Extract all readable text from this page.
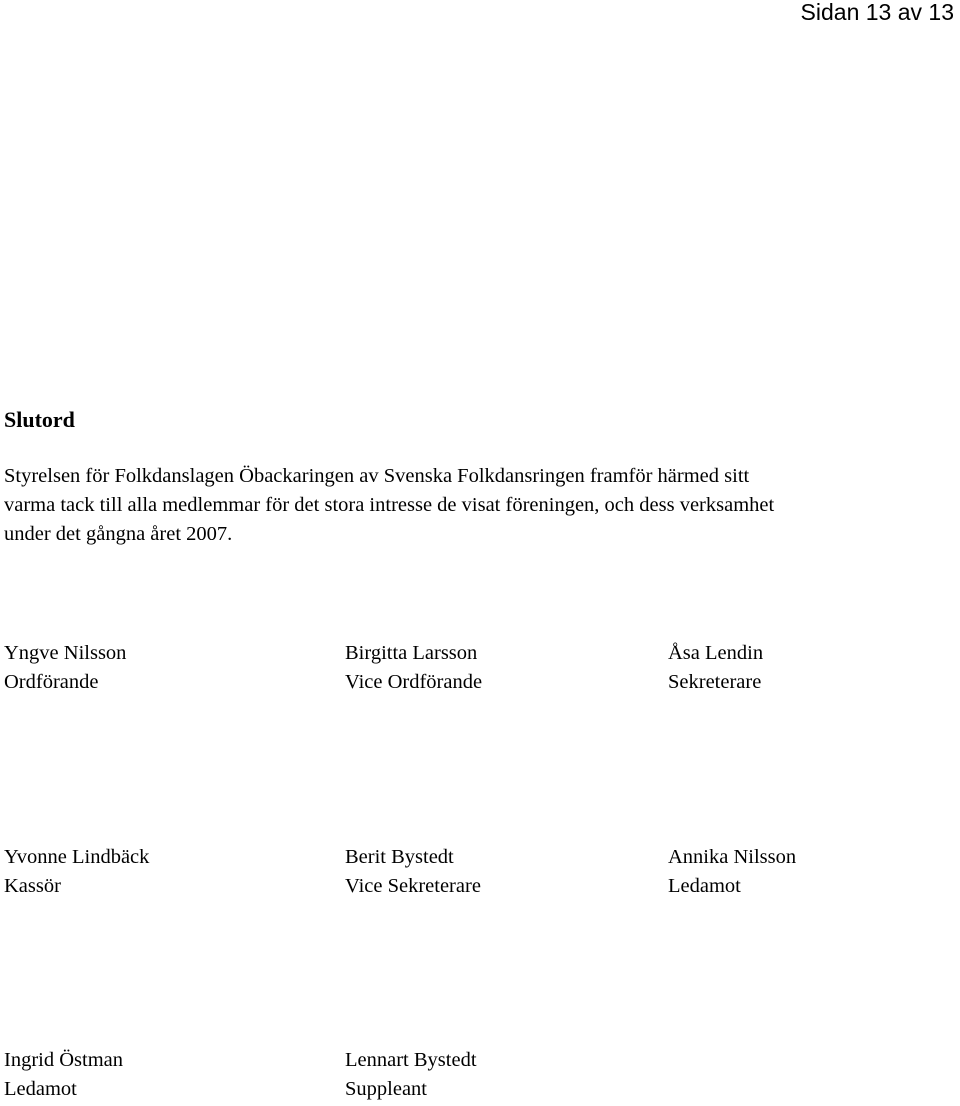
Sidan 13 av 13
Slutord

Styrelsen för Folkdanslagen Öbackaringen av Svenska Folkdansringen framför härmed sitt
varma tack till alla medlemmar för det stora intresse de visat föreningen, och dess verksamhet
under det gångna året 2007.

Yngve Nilsson
Ordförande
Birgitta Larsson
Vice Ordförande
Åsa Lendin
Sekreterare
Yvonne Lindbäck
Kassör
Berit Bystedt
Vice Sekreterare
Annika Nilsson
Ledamot
Ingrid Östman
Ledamot
Lennart Bystedt
Suppleant
